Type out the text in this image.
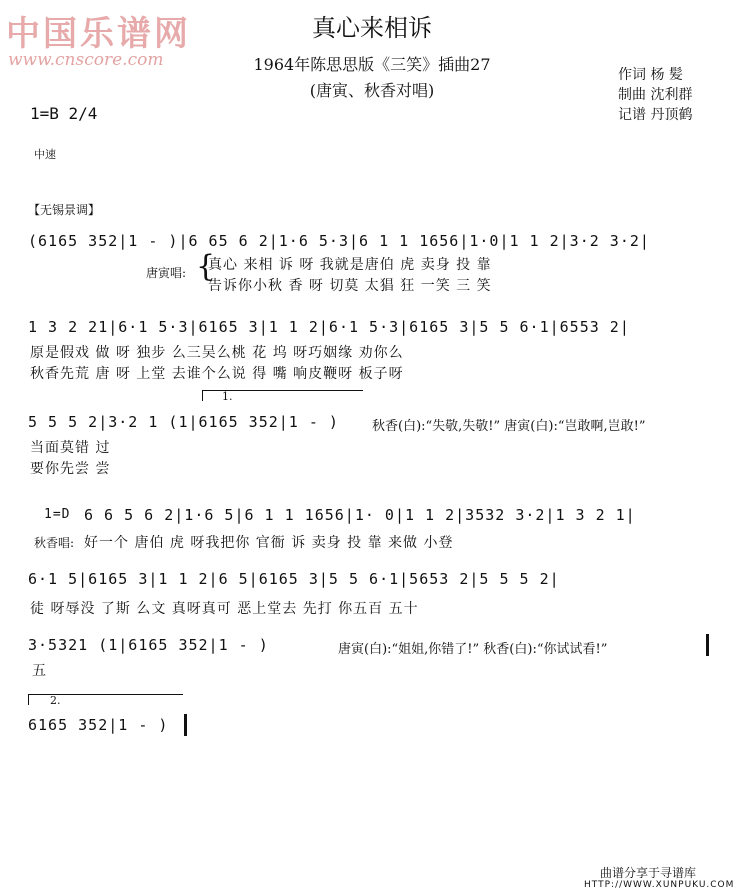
中国乐谱网
www.cnscore.com
真心来相诉
1964年陈思思版《三笑》插曲27
(唐寅、秋香对唱)
作词 杨 髪
制曲 沈利群
记谱 丹顶鹤
1=B 2/4
中速
【无锡景调】
(6165 352|1 - )|6 65 6 2|1·6 5·3|6 1 1 1656|1·0|1 1 2|3·2 3·2|
唐寅唱: {
真心 来相 诉 呀 我就是唐伯 虎 卖身 投 靠
告诉你小秋 香 呀 切莫 太猖 狂 一笑 三 笑
1 3 2 21|6·1 5·3|6165 3|1 1 2|6·1 5·3|6165 3|5 5 6·1|6553 2|
原是假戏 做 呀 独步 么三吴么桃 花 坞 呀巧姻缘 劝你么
秋香先荒 唐 呀 上堂 去谁个么说 得 嘴 响皮鞭呀 板子呀
1.
5 5 5 2|3·2 1 (1|6165 352|1 - )	秋香(白):“失敬,失敬!” 唐寅(白):“岂敢啊,岂敢!”
当面莫错 过
要你先尝 尝
1=D 6 6 5 6 2|1·6 5|6 1 1 1656|1· 0|1 1 2|3532 3·2|1 3 2 1|
秋香唱: 好一个 唐伯 虎 呀我把你 官衙 诉 卖身 投 靠 来做 小登
6·1 5|6165 3|1 1 2|6 5|6165 3|5 5 6·1|5653 2|5 5 5 2|
徒 呀辱没 了斯 么文 真呀真可 恶上堂去 先打 你五百 五十
3·5321 (1|6165 352|1 - )	唐寅(白):“姐姐,你错了!” 秋香(白):“你试试看!”
五
2.
6165 352|1 - )
曲谱分享于寻谱库
HTTP://WWW.XUNPUKU.COM
